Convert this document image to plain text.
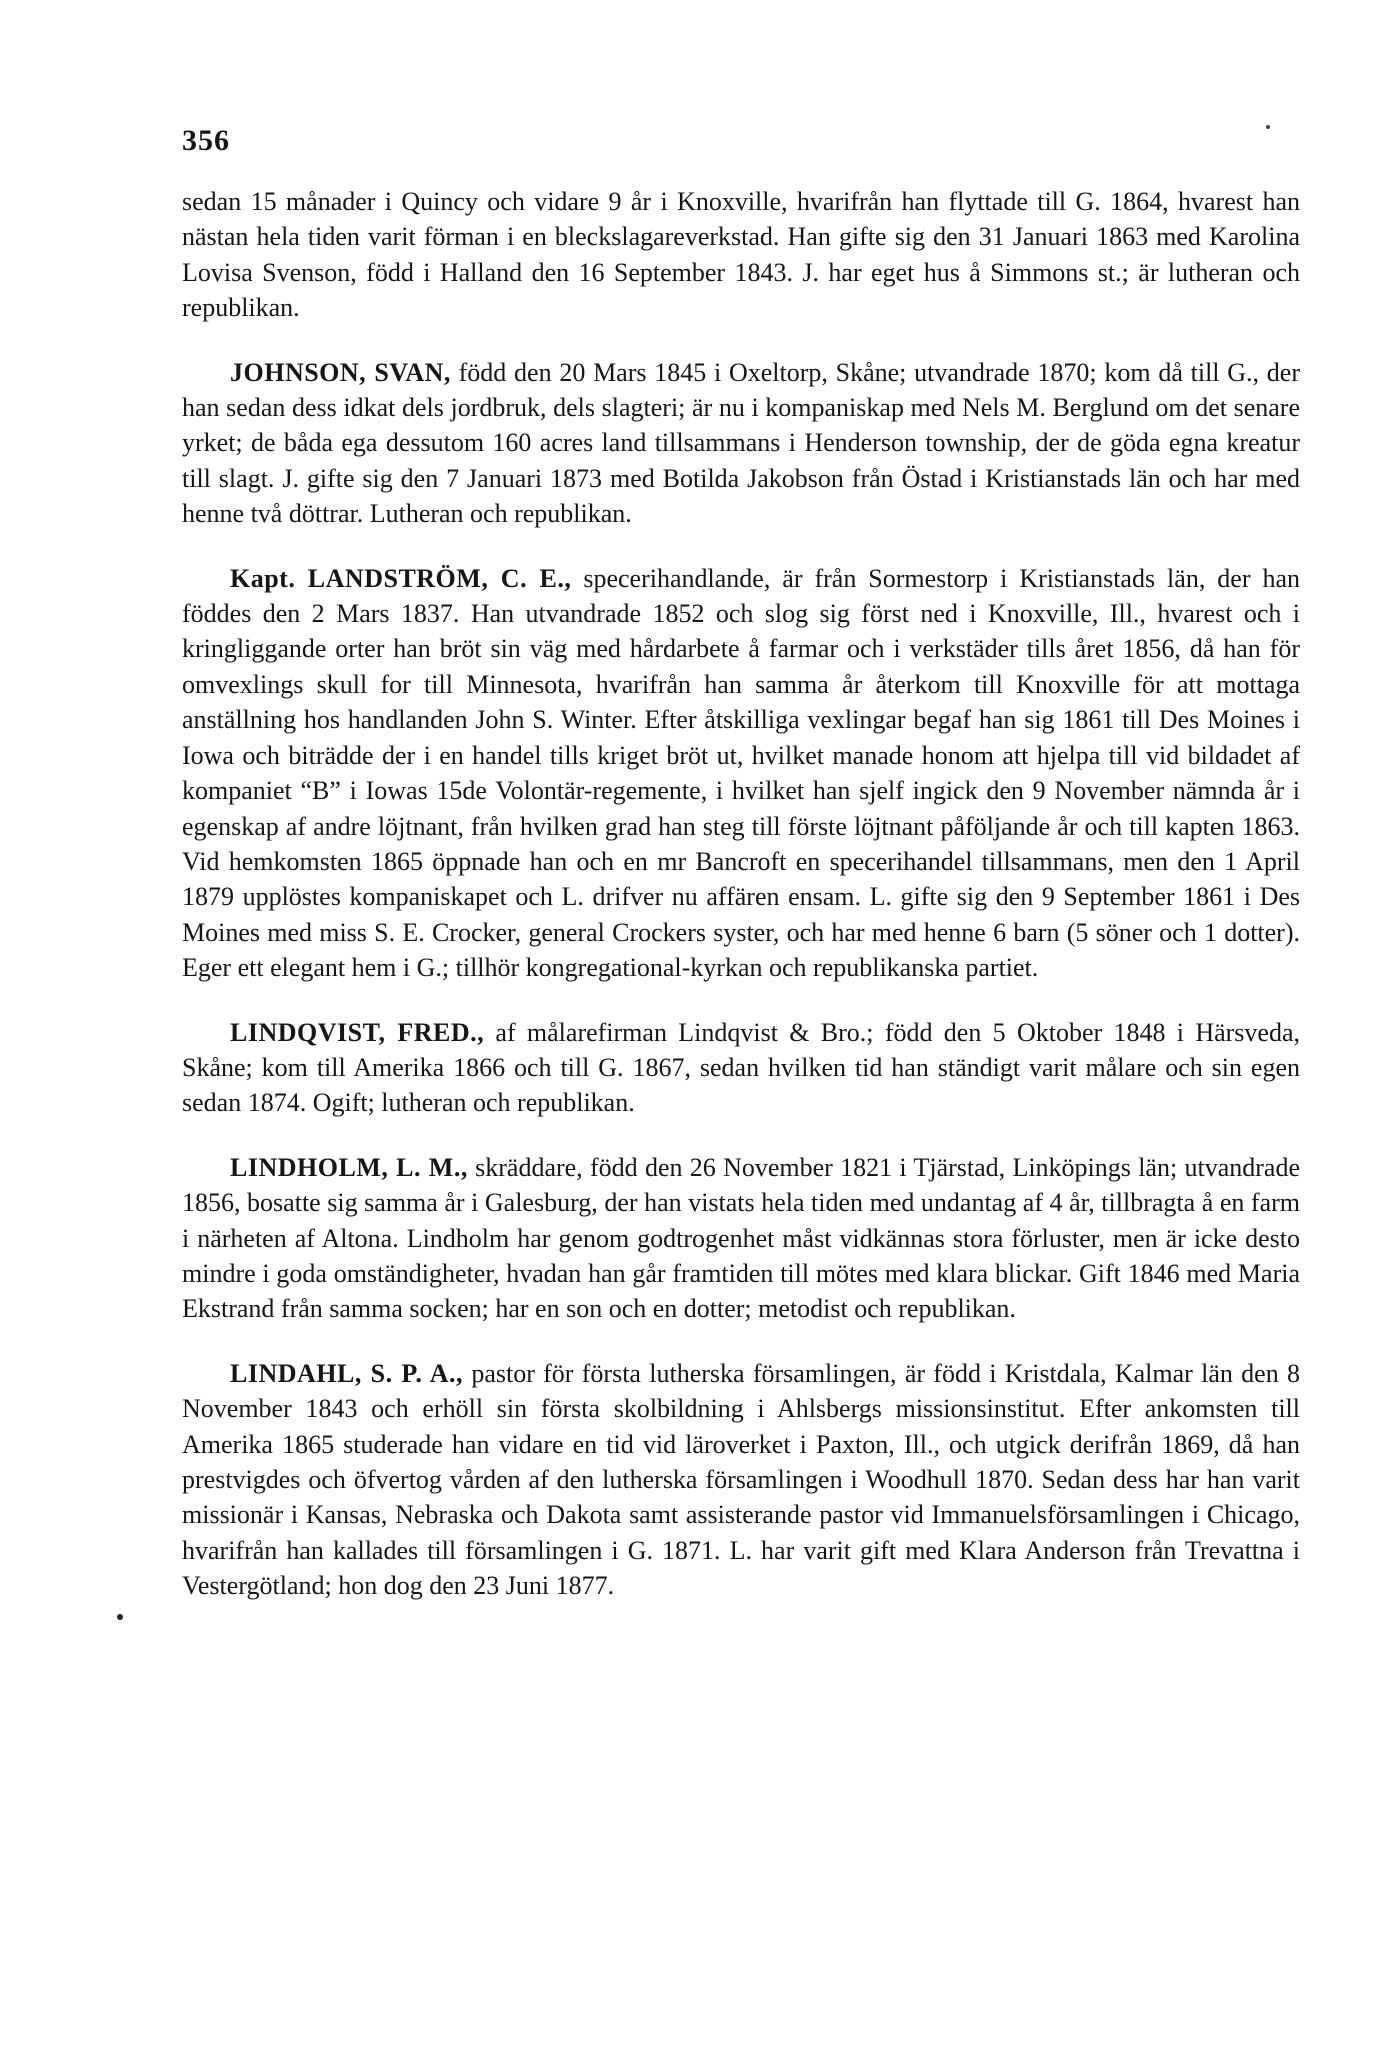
356

sedan 15 månader i Quincy och vidare 9 år i Knoxville, hvarifrån han flyttade till G. 1864, hvarest han nästan hela tiden varit förman i en bleckslagareverkstad. Han gifte sig den 31 Januari 1863 med Karolina Lovisa Svenson, född i Halland den 16 September 1843. J. har eget hus å Simmons st.; är lutheran och republikan.

JOHNSON, SVAN, född den 20 Mars 1845 i Oxeltorp, Skåne; utvandrade 1870; kom då till G., der han sedan dess idkat dels jordbruk, dels slagteri; är nu i kompaniskap med Nels M. Berglund om det senare yrket; de båda ega dessutom 160 acres land tillsammans i Henderson township, der de göda egna kreatur till slagt. J. gifte sig den 7 Januari 1873 med Botilda Jakobson från Östad i Kristianstads län och har med henne två döttrar. Lutheran och republikan.

Kapt. LANDSTRÖM, C. E., specerihandlande, är från Sormestorp i Kristianstads län, der han föddes den 2 Mars 1837. Han utvandrade 1852 och slog sig först ned i Knoxville, Ill., hvarest och i kringliggande orter han bröt sin väg med hårdarbete å farmar och i verkstäder tills året 1856, då han för omvexlings skull for till Minnesota, hvarifrån han samma år återkom till Knoxville för att mottaga anställning hos handlanden John S. Winter. Efter åtskilliga vexlingar begaf han sig 1861 till Des Moines i Iowa och biträdde der i en handel tills kriget bröt ut, hvilket manade honom att hjelpa till vid bildadet af kompaniet “B” i Iowas 15de Volontär-regemente, i hvilket han sjelf ingick den 9 November nämnda år i egenskap af andre löjtnant, från hvilken grad han steg till förste löjtnant påföljande år och till kapten 1863. Vid hemkomsten 1865 öppnade han och en mr Bancroft en specerihandel tillsammans, men den 1 April 1879 upplöstes kompaniskapet och L. drifver nu affären ensam. L. gifte sig den 9 September 1861 i Des Moines med miss S. E. Crocker, general Crockers syster, och har med henne 6 barn (5 söner och 1 dotter). Eger ett elegant hem i G.; tillhör kongregational-kyrkan och republikanska partiet.

LINDQVIST, FRED., af målarefirman Lindqvist & Bro.; född den 5 Oktober 1848 i Härsveda, Skåne; kom till Amerika 1866 och till G. 1867, sedan hvilken tid han ständigt varit målare och sin egen sedan 1874. Ogift; lutheran och republikan.

LINDHOLM, L. M., skräddare, född den 26 November 1821 i Tjärstad, Linköpings län; utvandrade 1856, bosatte sig samma år i Galesburg, der han vistats hela tiden med undantag af 4 år, tillbragta å en farm i närheten af Altona. Lindholm har genom godtrogenhet måst vidkännas stora förluster, men är icke desto mindre i goda omständigheter, hvadan han går framtiden till mötes med klara blickar. Gift 1846 med Maria Ekstrand från samma socken; har en son och en dotter; metodist och republikan.

LINDAHL, S. P. A., pastor för första lutherska församlingen, är född i Kristdala, Kalmar län den 8 November 1843 och erhöll sin första skolbildning i Ahlsbergs missionsinstitut. Efter ankomsten till Amerika 1865 studerade han vidare en tid vid läroverket i Paxton, Ill., och utgick derifrån 1869, då han prestvigdes och öfvertog vården af den lutherska församlingen i Woodhull 1870. Sedan dess har han varit missionär i Kansas, Nebraska och Dakota samt assisterande pastor vid Immanuelsförsamlingen i Chicago, hvarifrån han kallades till församlingen i G. 1871. L. har varit gift med Klara Anderson från Trevattna i Vestergötland; hon dog den 23 Juni 1877.
